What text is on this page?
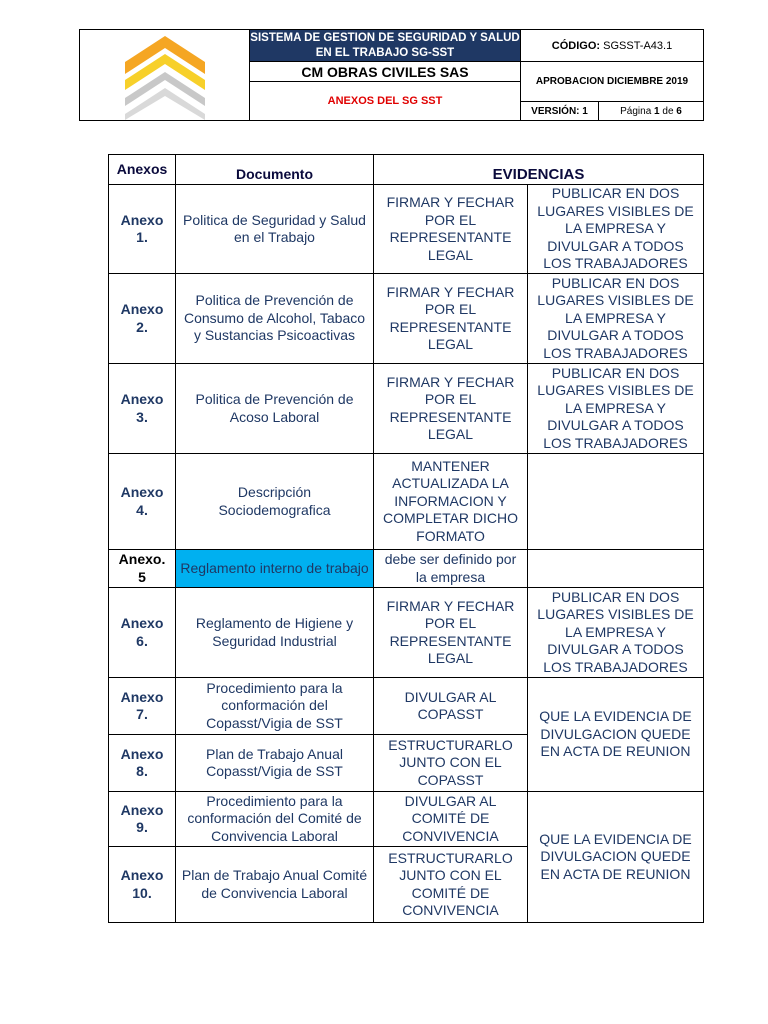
	SISTEMA DE GESTION DE SEGURIDAD Y SALUD EN EL TRABAJO SG-SST	CÓDIGO: SGSST-A43.1	
	CM OBRAS CIVILES SAS	APROBACION DICIEMBRE 2019	
	ANEXOS DEL SG SST		
		VERSIÓN: 1	Página 1 de 6
Anexos	Documento	EVIDENCIAS	
Anexo 1.	Politica de Seguridad y Salud en el Trabajo	FIRMAR Y FECHAR POR EL REPRESENTANTE LEGAL	PUBLICAR EN DOS LUGARES VISIBLES DE LA EMPRESA Y DIVULGAR A TODOS LOS TRABAJADORES
Anexo 2.	Politica de Prevención de Consumo de Alcohol, Tabaco y Sustancias Psicoactivas	FIRMAR Y FECHAR POR EL REPRESENTANTE LEGAL	PUBLICAR EN DOS LUGARES VISIBLES DE LA EMPRESA Y DIVULGAR A TODOS LOS TRABAJADORES
Anexo 3.	Politica de Prevención de Acoso Laboral	FIRMAR Y FECHAR POR EL REPRESENTANTE LEGAL	PUBLICAR EN DOS LUGARES VISIBLES DE LA EMPRESA Y DIVULGAR A TODOS LOS TRABAJADORES
Anexo 4.	Descripción Sociodemografica	MANTENER ACTUALIZADA LA INFORMACION Y COMPLETAR DICHO FORMATO	
Anexo. 5	Reglamento interno de trabajo	debe ser definido por la empresa	
Anexo 6.	Reglamento de Higiene y Seguridad Industrial	FIRMAR Y FECHAR POR EL REPRESENTANTE LEGAL	PUBLICAR EN DOS LUGARES VISIBLES DE LA EMPRESA Y DIVULGAR A TODOS LOS TRABAJADORES
Anexo 7.	Procedimiento para la conformación del Copasst/Vigia de SST	DIVULGAR AL COPASST	QUE LA EVIDENCIA DE DIVULGACION QUEDE EN ACTA DE REUNION
Anexo 8.	Plan de Trabajo Anual Copasst/Vigia de SST	ESTRUCTURARLO JUNTO CON EL COPASST	
Anexo 9.	Procedimiento para la conformación del Comité de Convivencia Laboral	DIVULGAR AL COMITÉ DE CONVIVENCIA	QUE LA EVIDENCIA DE DIVULGACION QUEDE EN ACTA DE REUNION
Anexo 10.	Plan de Trabajo Anual Comité de Convivencia Laboral	ESTRUCTURARLO JUNTO CON EL COMITÉ DE CONVIVENCIA	
